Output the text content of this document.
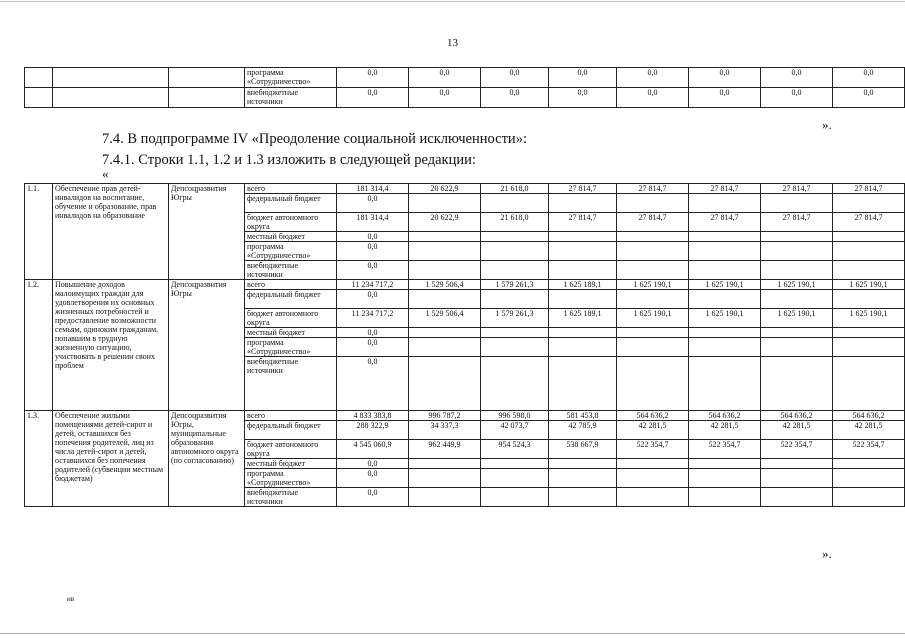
13
			программа «Сотрудничество»	0,0	0,0	0,0	0,0	0,0	0,0	0,0	0,0
			внебюджетные источники	0,0	0,0	0,0	0,0	0,0	0,0	0,0	0,0
».
7.4. В подпрограмме IV «Преодоление социальной исключенности»:
7.4.1. Строки 1.1, 1.2 и 1.3 изложить в следующей редакции:
«
1.1.	Обеспечение прав детей-инвалидов на воспитание, обучение и образование, прав инвалидов на образование	Депсоцразвития Югры	всего	181 314,4	20 622,9	21 618,0	27 814,7	27 814,7	27 814,7	27 814,7	27 814,7
			федеральный бюджет	0,0							
			бюджет автономного округа	181 314,4	20 622,9	21 618,0	27 814,7	27 814,7	27 814,7	27 814,7	27 814,7
			местный бюджет	0,0							
			программа «Сотрудничество»	0,0							
			внебюджетные источники	0,0							
1.2.	Повышение доходов малоимущих граждан для удовлетворения их основных жизненных потребностей и предоставление возможности семьям, одиноким гражданам, попавшим в трудную жизненную ситуацию, участвовать в решении своих проблем	Депсоцразвития Югры	всего	11 234 717,2	1 529 506,4	1 579 261,3	1 625 189,1	1 625 190,1	1 625 190,1	1 625 190,1	1 625 190,1
			федеральный бюджет	0,0							
			бюджет автономного округа	11 234 717,2	1 529 506,4	1 579 261,3	1 625 189,1	1 625 190,1	1 625 190,1	1 625 190,1	1 625 190,1
			местный бюджет	0,0							
			программа «Сотрудничество»	0,0							
			внебюджетные источники	0,0							
1.3.	Обеспечение жилыми помещениями детей-сирот и детей, оставшихся без попечения родителей, лиц из числа детей-сирот и детей, оставшихся без попечения родителей (субвенции местным бюджетам)	Депсоцразвития Югры, муниципальные образования автономного округа (по согласованию)	всего	4 833 383,8	996 787,2	996 598,0	581 453,8	564 636,2	564 636,2	564 636,2	564 636,2
			федеральный бюджет	288 322,9	34 337,3	42 073,7	42 785,9	42 281,5	42 281,5	42 281,5	42 281,5
			бюджет автономного округа	4 545 060,9	962 449,9	954 524,3	538 667,9	522 354,7	522 354,7	522 354,7	522 354,7
			местный бюджет	0,0							
			программа «Сотрудничество»	0,0							
			внебюджетные источники	0,0							
».
нв
